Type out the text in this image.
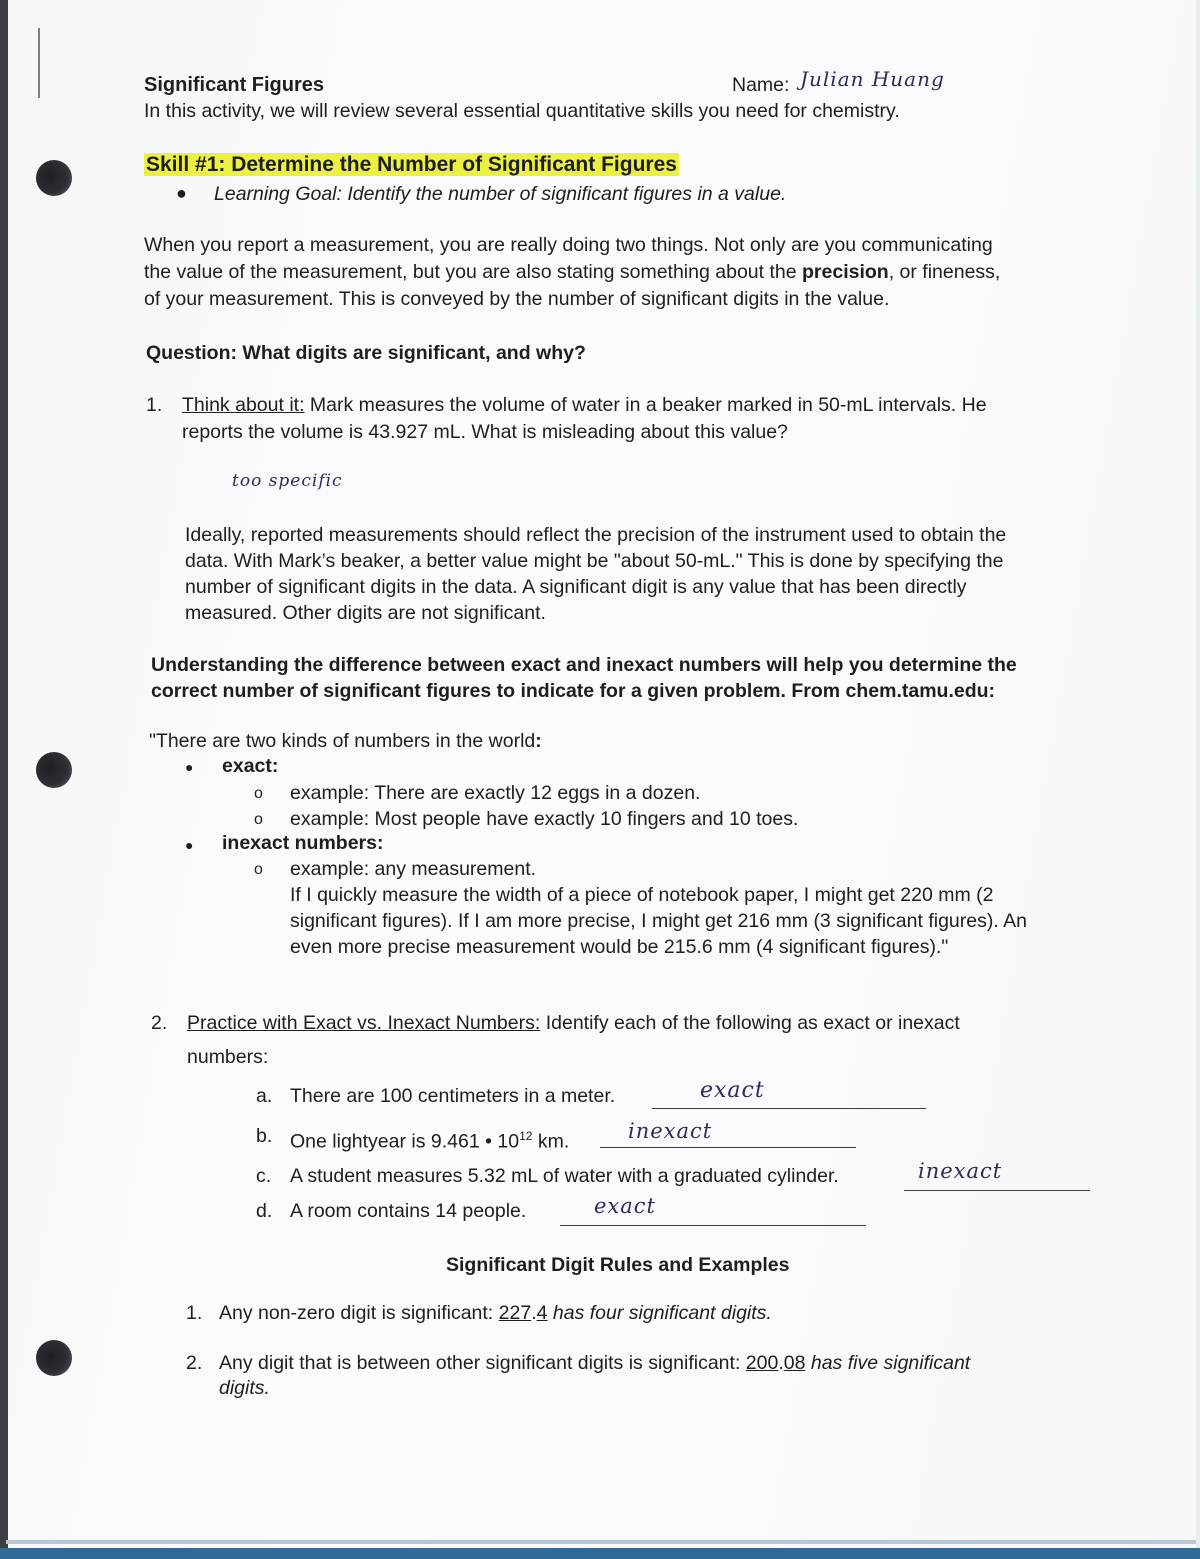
Significant Figures	Name: Julian Huang
In this activity, we will review several essential quantitative skills you need for chemistry.
Skill #1: Determine the Number of Significant Figures
● Learning Goal: Identify the number of significant figures in a value.
When you report a measurement, you are really doing two things. Not only are you communicating
the value of the measurement, but you are also stating something about the precision, or fineness,
of your measurement. This is conveyed by the number of significant digits in the value.
Question: What digits are significant, and why?
1. Think about it: Mark measures the volume of water in a beaker marked in 50-mL intervals. He
reports the volume is 43.927 mL. What is misleading about this value?
too specific
Ideally, reported measurements should reflect the precision of the instrument used to obtain the
data. With Mark’s beaker, a better value might be "about 50-mL." This is done by specifying the
number of significant digits in the data. A significant digit is any value that has been directly
measured. Other digits are not significant.
Understanding the difference between exact and inexact numbers will help you determine the
correct number of significant figures to indicate for a given problem. From chem.tamu.edu:
"There are two kinds of numbers in the world:
● exact:
o example: There are exactly 12 eggs in a dozen.
o example: Most people have exactly 10 fingers and 10 toes.
● inexact numbers:
o example: any measurement.
If I quickly measure the width of a piece of notebook paper, I might get 220 mm (2
significant figures). If I am more precise, I might get 216 mm (3 significant figures). An
even more precise measurement would be 215.6 mm (4 significant figures)."
2. Practice with Exact vs. Inexact Numbers: Identify each of the following as exact or inexact
numbers:
a. There are 100 centimeters in a meter.	exact
b. One lightyear is 9.461 • $10^{12}$ km.	inexact
c. A student measures 5.32 mL of water with a graduated cylinder.	inexact
d. A room contains 14 people.	exact
Significant Digit Rules and Examples
1. Any non-zero digit is significant: 227.4 has four significant digits.
2. Any digit that is between other significant digits is significant: 200.08 has five significant
digits.
